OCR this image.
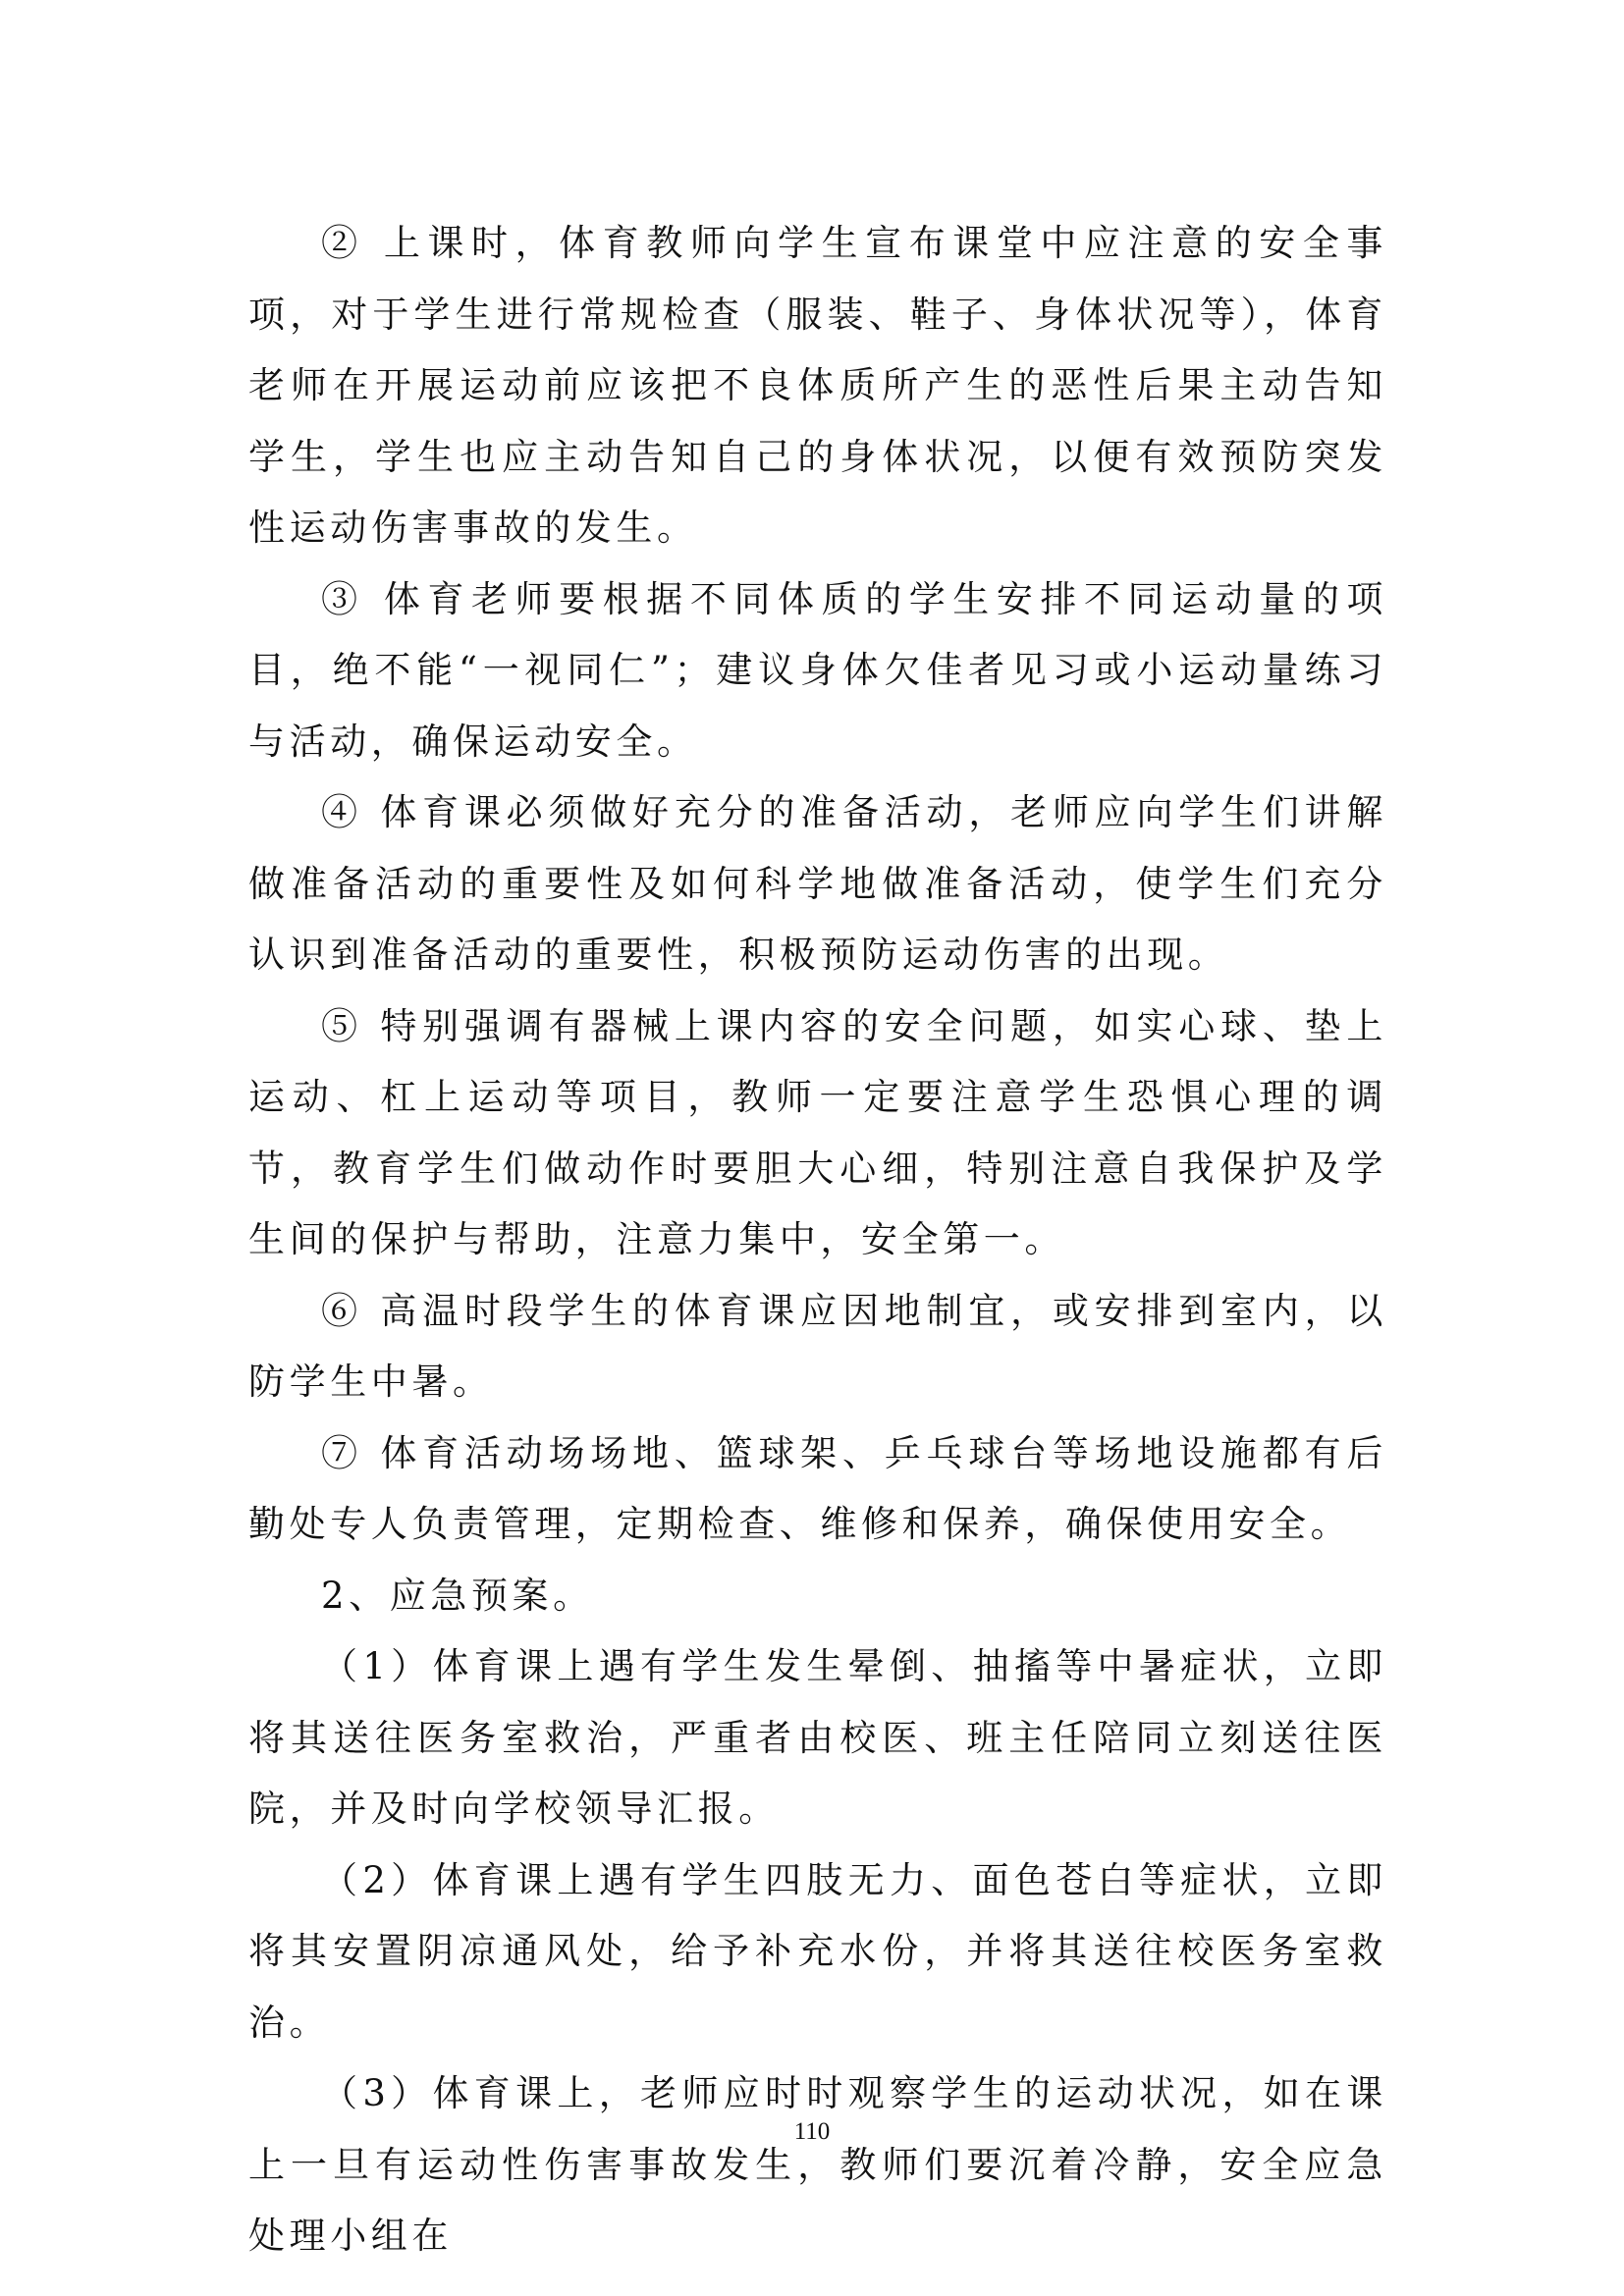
② 上课时，体育教师向学生宣布课堂中应注意的安全事项，对于学生进行常规检查（服装、鞋子、身体状况等），体育老师在开展运动前应该把不良体质所产生的恶性后果主动告知学生，学生也应主动告知自己的身体状况，以便有效预防突发性运动伤害事故的发生。

③ 体育老师要根据不同体质的学生安排不同运动量的项目，绝不能“一视同仁”；建议身体欠佳者见习或小运动量练习与活动，确保运动安全。

④ 体育课必须做好充分的准备活动，老师应向学生们讲解做准备活动的重要性及如何科学地做准备活动，使学生们充分认识到准备活动的重要性，积极预防运动伤害的出现。

⑤ 特别强调有器械上课内容的安全问题，如实心球、垫上运动、杠上运动等项目，教师一定要注意学生恐惧心理的调节，教育学生们做动作时要胆大心细，特别注意自我保护及学生间的保护与帮助，注意力集中，安全第一。

⑥ 高温时段学生的体育课应因地制宜，或安排到室内，以防学生中暑。

⑦ 体育活动场场地、篮球架、乒乓球台等场地设施都有后勤处专人负责管理，定期检查、维修和保养，确保使用安全。

2、应急预案。

（1）体育课上遇有学生发生晕倒、抽搐等中暑症状，立即将其送往医务室救治，严重者由校医、班主任陪同立刻送往医院，并及时向学校领导汇报。

（2）体育课上遇有学生四肢无力、面色苍白等症状，立即将其安置阴凉通风处，给予补充水份，并将其送往校医务室救治。

（3）体育课上，老师应时时观察学生的运动状况，如在课上一旦有运动性伤害事故发生，教师们要沉着冷静，安全应急处理小组在

110
